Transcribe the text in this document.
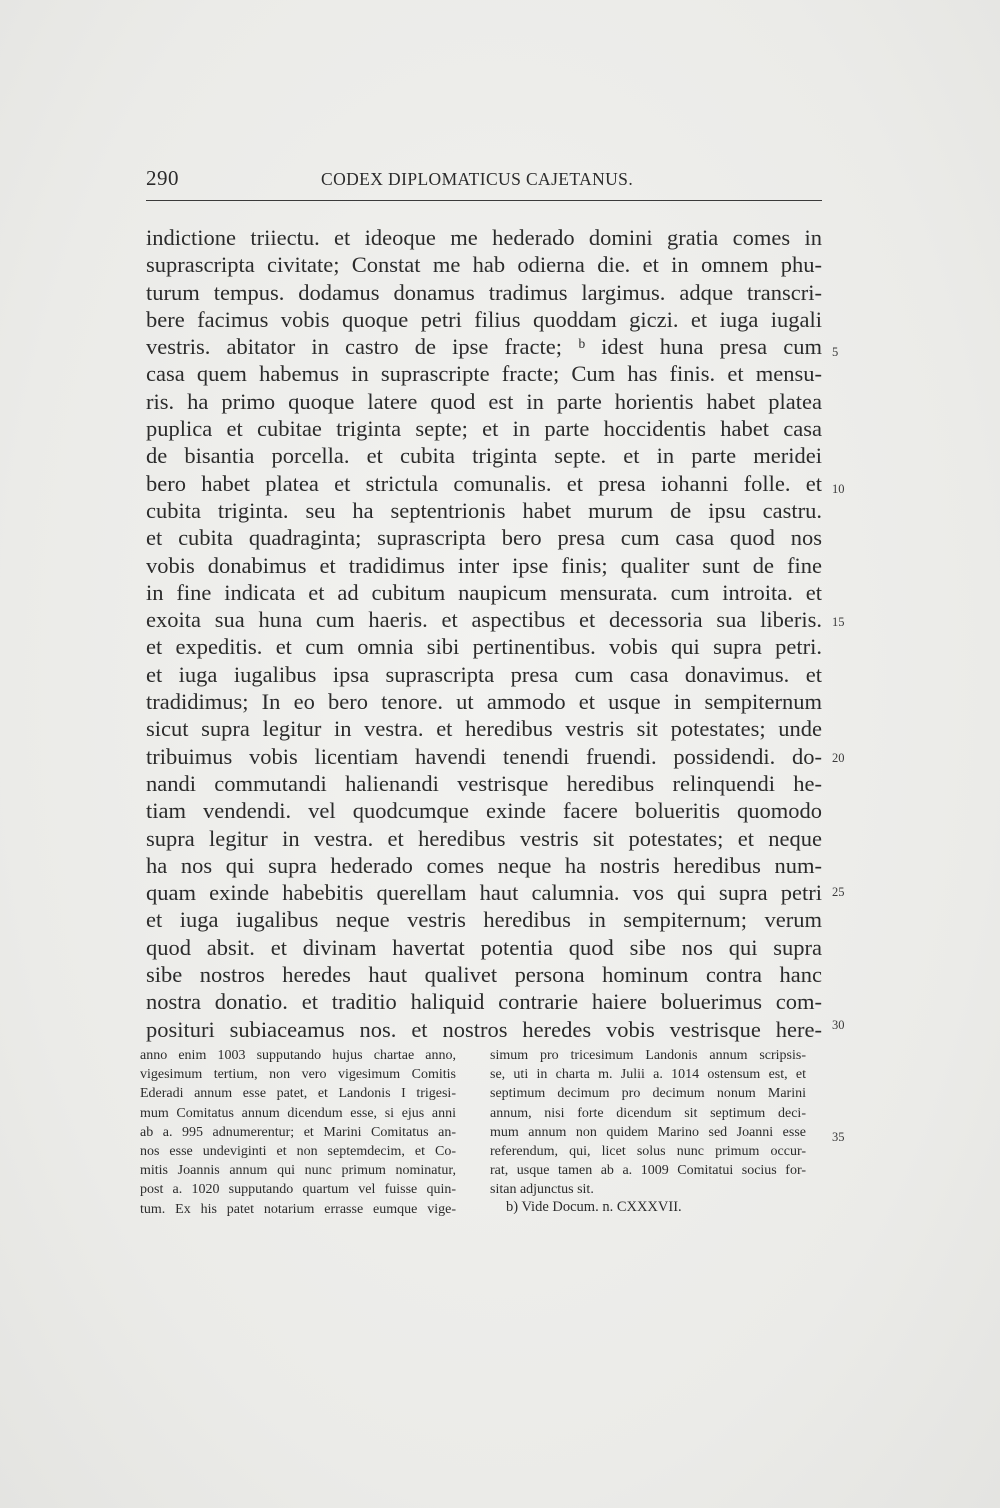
290	CODEX DIPLOMATICUS CAJETANUS.
indictione triiectu. et ideoque me hederado domini gratia comes in
suprascripta civitate; Constat me hab odierna die. et in omnem phu-
turum tempus. dodamus donamus tradimus largimus. adque transcri-
bere facimus vobis quoque petri filius quoddam giczi. et iuga iugali
vestris. abitator in castro de ipse fracte; ᵇ idest huna presa cum
casa quem habemus in suprascripte fracte; Cum has finis. et mensu-
ris. ha primo quoque latere quod est in parte horientis habet platea
puplica et cubitae triginta septe; et in parte hoccidentis habet casa
de bisantia porcella. et cubita triginta septe. et in parte meridei
bero habet platea et strictula comunalis. et presa iohanni folle. et
cubita triginta. seu ha septentrionis habet murum de ipsu castru.
et cubita quadraginta; suprascripta bero presa cum casa quod nos
vobis donabimus et tradidimus inter ipse finis; qualiter sunt de fine
in fine indicata et ad cubitum naupicum mensurata. cum introita. et
exoita sua huna cum haeris. et aspectibus et decessoria sua liberis.
et expeditis. et cum omnia sibi pertinentibus. vobis qui supra petri.
et iuga iugalibus ipsa suprascripta presa cum casa donavimus. et
tradidimus; In eo bero tenore. ut ammodo et usque in sempiternum
sicut supra legitur in vestra. et heredibus vestris sit potestates; unde
tribuimus vobis licentiam havendi tenendi fruendi. possidendi. do-
nandi commutandi halienandi vestrisque heredibus relinquendi he-
tiam vendendi. vel quodcumque exinde facere bolueritis quomodo
supra legitur in vestra. et heredibus vestris sit potestates; et neque
ha nos qui supra hederado comes neque ha nostris heredibus num-
quam exinde habebitis querellam haut calumnia. vos qui supra petri
et iuga iugalibus neque vestris heredibus in sempiternum; verum
quod absit. et divinam havertat potentia quod sibe nos qui supra
sibe nostros heredes haut qualivet persona hominum contra hanc
nostra donatio. et traditio haliquid contrarie haiere boluerimus com-
posituri subiaceamus nos. et nostros heredes vobis vestrisque here-
5
10
15
20
25
30
anno enim 1003 supputando hujus chartae anno,
vigesimum tertium, non vero vigesimum Comitis
Ederadi annum esse patet, et Landonis I trigesi-
mum Comitatus annum dicendum esse, si ejus anni
ab a. 995 adnumerentur; et Marini Comitatus an-
nos esse undeviginti et non septemdecim, et Co-
mitis Joannis annum qui nunc primum nominatur,
post a. 1020 supputando quartum vel fuisse quin-
tum. Ex his patet notarium errasse eumque vige-
simum pro tricesimum Landonis annum scripsis-
se, uti in charta m. Julii a. 1014 ostensum est, et
septimum decimum pro decimum nonum Marini
annum, nisi forte dicendum sit septimum deci-
mum annum non quidem Marino sed Joanni esse
referendum, qui, licet solus nunc primum occur-
rat, usque tamen ab a. 1009 Comitatui socius for-
sitan adjunctus sit.
b) Vide Docum. n. CXXXVII.
35
